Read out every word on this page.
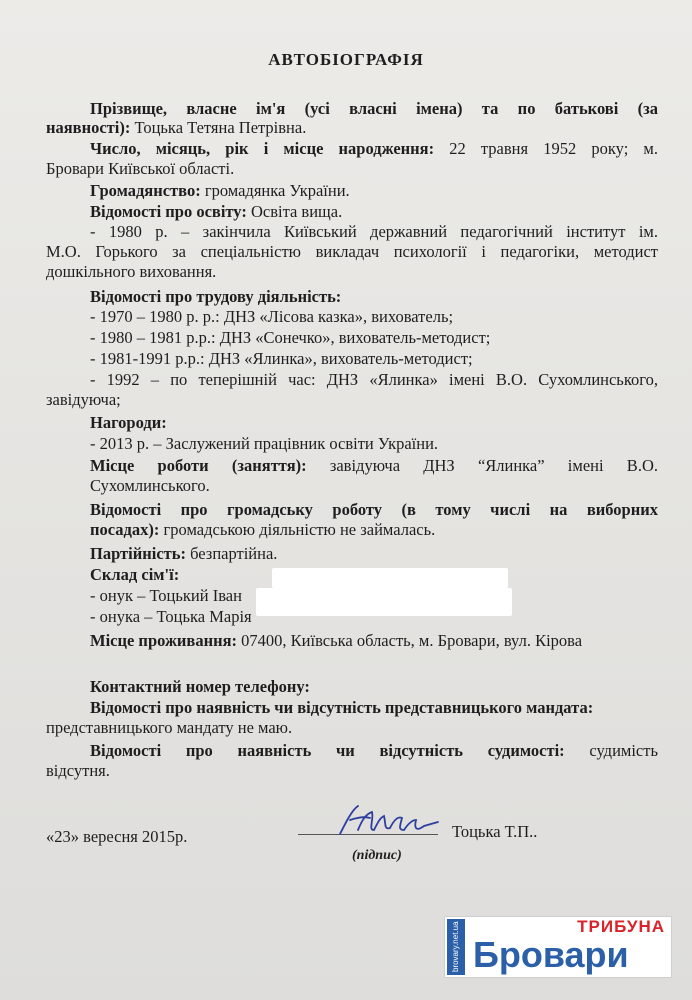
АВТОБІОГРАФІЯ
Прізвище, власне ім'я (усі власні імена) та по батькові (за
наявності): Тоцька Тетяна Петрівна.
Число, місяць, рік і місце народження: 22 травня 1952 року; м.
Бровари Київської області.
Громадянство: громадянка України.
Відомості про освіту: Освіта вища.
- 1980 р. – закінчила Київський державний педагогічний інститут ім.
М.О. Горького за спеціальністю викладач психології і педагогіки, методист
дошкільного виховання.
Відомості про трудову діяльність:
- 1970 – 1980 р. р.: ДНЗ «Лісова казка», вихователь;
- 1980 – 1981 р.р.: ДНЗ «Сонечко», вихователь-методист;
- 1981-1991 р.р.: ДНЗ «Ялинка», вихователь-методист;
- 1992 – по теперішній час: ДНЗ «Ялинка» імені В.О. Сухомлинського,
завідуюча;
Нагороди:
- 2013 р. – Заслужений працівник освіти України.
Місце роботи (заняття): завідуюча ДНЗ “Ялинка” імені В.О.
Сухомлинського.
Відомості про громадську роботу (в тому числі на виборних
посадах): громадською діяльністю не займалась.
Партійність: безпартійна.
Склад сім'ї:
- онук – Тоцький Іван
- онука – Тоцька Марія
Місце проживання: 07400, Київська область, м. Бровари, вул. Кірова
Контактний номер телефону:
Відомості про наявність чи відсутність представницького мандата:
представницького мандату не маю.
Відомості про наявність чи відсутність судимості: судимість
відсутня.
«23» вересня 2015р.	Тоцька Т.П..
(підпис)
brovary.net.ua	ТРИБУНА
Бровари
